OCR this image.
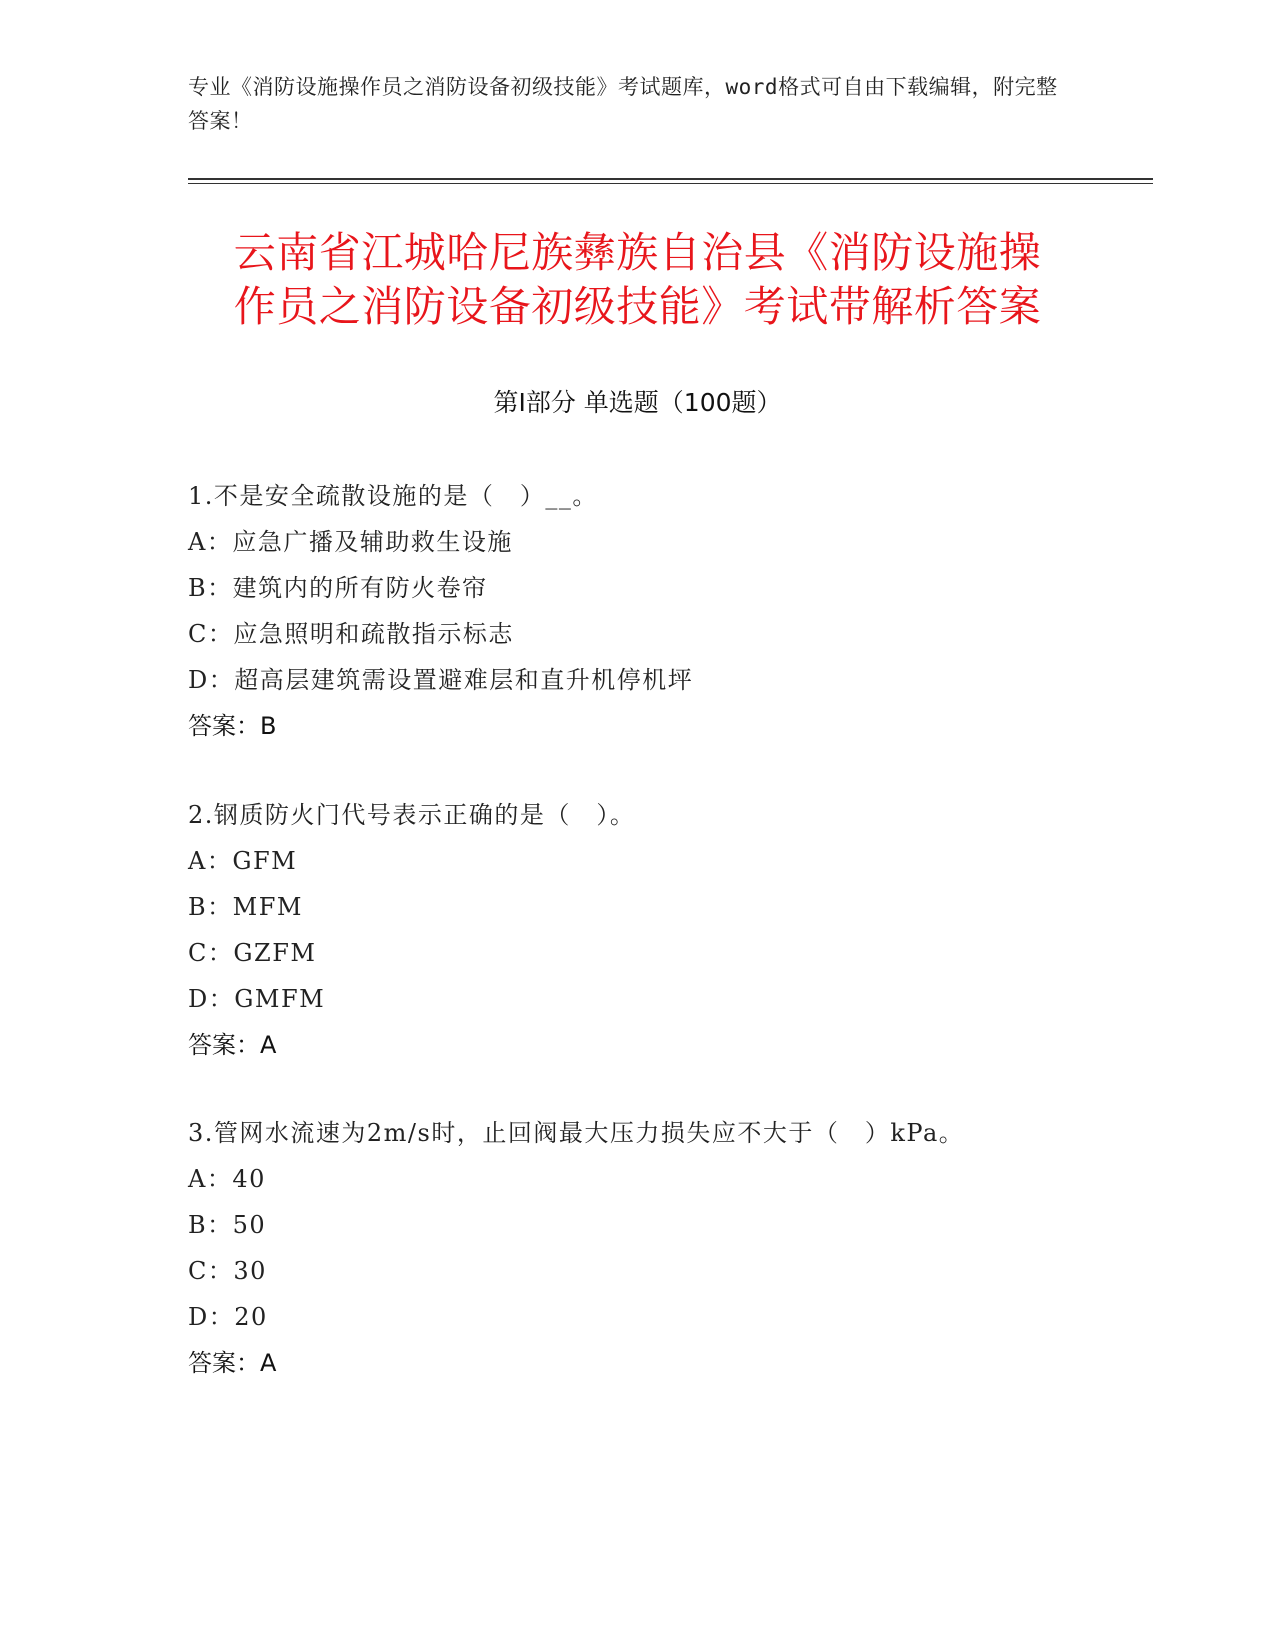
专业《消防设施操作员之消防设备初级技能》考试题库，word格式可自由下载编辑，附完整答案！
云南省江城哈尼族彝族自治县《消防设施操
作员之消防设备初级技能》考试带解析答案
第Ⅰ部分 单选题（100题）
1.不是安全疏散设施的是（　）__。
A：应急广播及辅助救生设施
B：建筑内的所有防火卷帘
C：应急照明和疏散指示标志
D：超高层建筑需设置避难层和直升机停机坪
答案：B
2.钢质防火门代号表示正确的是（　）。
A：GFM
B：MFM
C：GZFM
D：GMFM
答案：A
3.管网水流速为2m/s时，止回阀最大压力损失应不大于（　）kPa。
A：40
B：50
C：30
D：20
答案：A
